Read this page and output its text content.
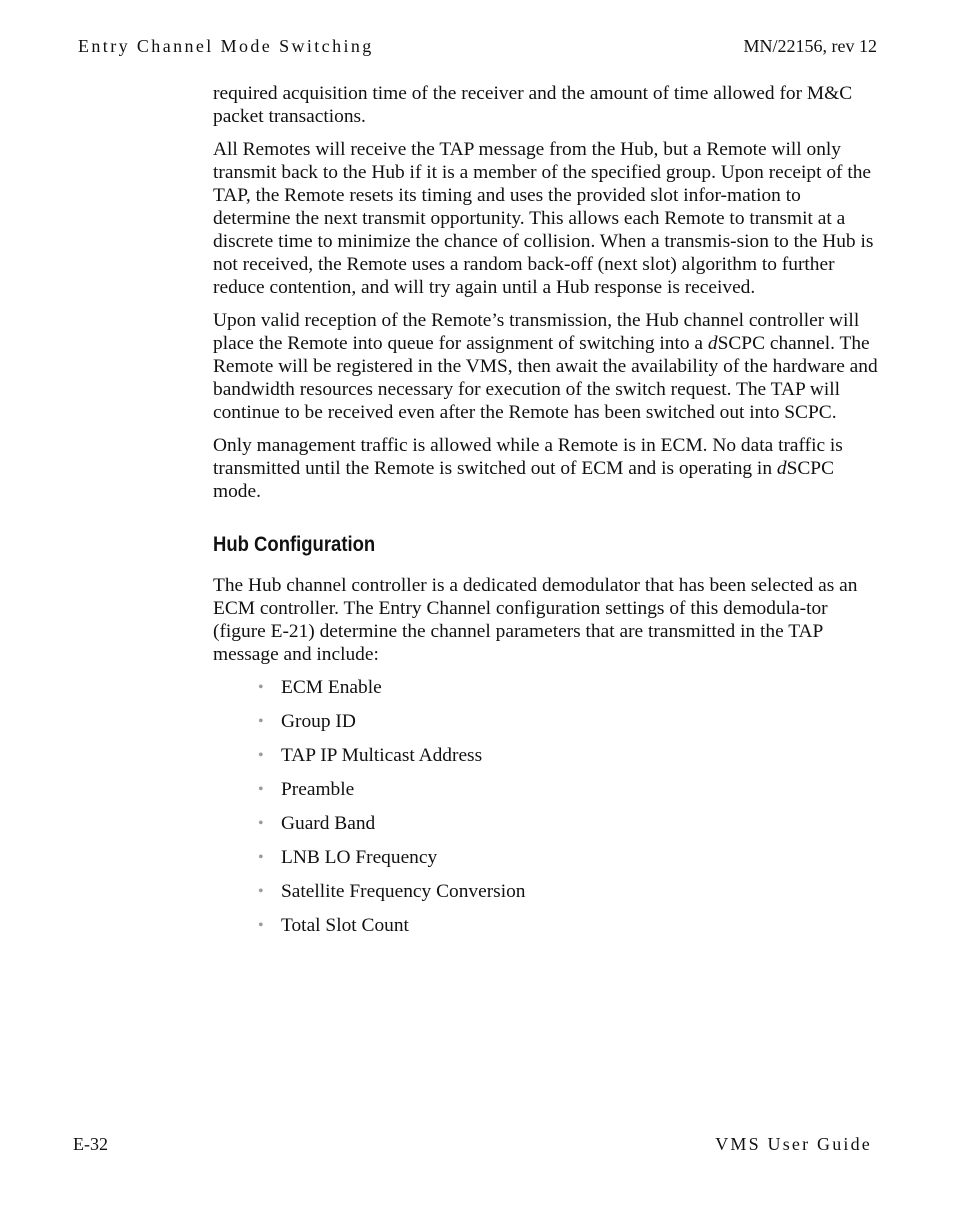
Entry Channel Mode Switching	MN/22156, rev 12

required acquisition time of the receiver and the amount of time allowed for M&C packet transactions.

All Remotes will receive the TAP message from the Hub, but a Remote will only transmit back to the Hub if it is a member of the specified group. Upon receipt of the TAP, the Remote resets its timing and uses the provided slot infor-mation to determine the next transmit opportunity. This allows each Remote to transmit at a discrete time to minimize the chance of collision. When a transmis-sion to the Hub is not received, the Remote uses a random back-off (next slot) algorithm to further reduce contention, and will try again until a Hub response is received.

Upon valid reception of the Remote’s transmission, the Hub channel controller will place the Remote into queue for assignment of switching into a dSCPC channel. The Remote will be registered in the VMS, then await the availability of the hardware and bandwidth resources necessary for execution of the switch request. The TAP will continue to be received even after the Remote has been switched out into SCPC.

Only management traffic is allowed while a Remote is in ECM. No data traffic is transmitted until the Remote is switched out of ECM and is operating in dSCPC mode.

Hub Configuration

The Hub channel controller is a dedicated demodulator that has been selected as an ECM controller. The Entry Channel configuration settings of this demodula-tor (figure E-21) determine the channel parameters that are transmitted in the TAP message and include:

• ECM Enable
• Group ID
• TAP IP Multicast Address
• Preamble
• Guard Band
• LNB LO Frequency
• Satellite Frequency Conversion
• Total Slot Count
E-32	VMS User Guide
